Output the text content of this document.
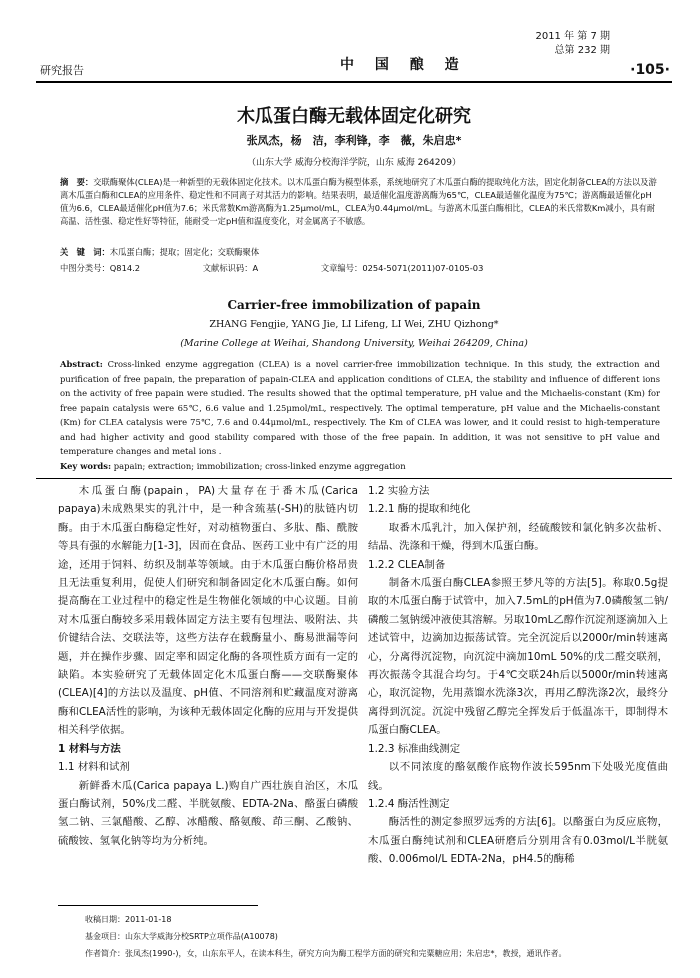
研究报告	中 国 酿 造
2011 年 第 7 期
总第 232 期
·105·
木瓜蛋白酶无载体固定化研究
张凤杰，杨　洁，李利锋，李　薇，朱启忠*
（山东大学 威海分校海洋学院，山东 威海 264209）
摘　要：交联酶聚体(CLEA)是一种新型的无载体固定化技术。以木瓜蛋白酶为模型体系，系统地研究了木瓜蛋白酶的提取纯化方法，固定化制备CLEA的方法以及游离木瓜蛋白酶和CLEA的应用条件、稳定性和不同离子对其活力的影响。结果表明，最适催化温度游离酶为65℃，CLEA最适催化温度为75℃；游离酶最适催化pH值为6.6，CLEA最适催化pH值为7.6；米氏常数Km游离酶为1.25μmol/mL，CLEA为0.44μmol/mL。与游离木瓜蛋白酶相比，CLEA的米氏常数Km减小，具有耐高温、活性强、稳定性好等特征，能耐受一定pH值和温度变化，对金属离子不敏感。
关　键　词：木瓜蛋白酶；提取；固定化；交联酶聚体
中图分类号：Q814.2	文献标识码：A	文章编号：0254-5071(2011)07-0105-03
Carrier-free immobilization of papain
ZHANG Fengjie, YANG Jie, LI Lifeng, LI Wei, ZHU Qizhong*
(Marine College at Weihai, Shandong University, Weihai 264209, China)
Abstract: Cross-linked enzyme aggregation (CLEA) is a novel carrier-free immobilization technique. In this study, the extraction and purification of free papain, the preparation of papain-CLEA and application conditions of CLEA, the stability and influence of different ions on the activity of free papain were studied. The results showed that the optimal temperature, pH value and the Michaelis-constant (Km) for free papain catalysis were 65℃, 6.6 value and 1.25μmol/mL, respectively. The optimal temperature, pH value and the Michaelis-constant (Km) for CLEA catalysis were 75℃, 7.6 and 0.44μmol/mL, respectively. The Km of CLEA was lower, and it could resist to high-temperature and had higher activity and good stability compared with those of the free papain. In addition, it was not sensitive to pH value and temperature changes and metal ions .
Key words: papain; extraction; immobilization; cross-linked enzyme aggregation

木瓜蛋白酶(papain，PA)大量存在于番木瓜(Carica papaya)未成熟果实的乳汁中，是一种含巯基(-SH)的肽链内切酶。由于木瓜蛋白酶稳定性好，对动植物蛋白、多肽、酯、酰胺等具有强的水解能力[1-3]，因而在食品、医药工业中有广泛的用途，还用于饲料、纺织及制革等领域。由于木瓜蛋白酶价格昂贵且无法重复利用，促使人们研究和制备固定化木瓜蛋白酶。如何提高酶在工业过程中的稳定性是生物催化领域的中心议题。目前对木瓜蛋白酶较多采用载体固定方法主要有包埋法、吸附法、共价键结合法、交联法等，这些方法存在载酶量小、酶易泄漏等问题，并在操作步骤、固定率和固定化酶的各项性质方面有一定的缺陷。本实验研究了无载体固定化木瓜蛋白酶——交联酶聚体(CLEA)[4]的方法以及温度、pH值、不同溶剂和贮藏温度对游离酶和CLEA活性的影响，为该种无载体固定化酶的应用与开发提供相关科学依据。

1 材料与方法

1.1 材料和试剂

新鲜番木瓜(Carica papaya L.)购自广西壮族自治区，木瓜蛋白酶试剂，50%戊二醛、半胱氨酸、EDTA-2Na、酪蛋白磷酸氢二钠、三氯醋酸、乙醇、冰醋酸、酪氨酸、茚三酮、乙酸钠、硫酸铵、氢氧化钠等均为分析纯。

1.2 实验方法

1.2.1 酶的提取和纯化

取番木瓜乳汁，加入保护剂，经硫酸铵和氯化钠多次盐析、结晶、洗涤和干燥，得到木瓜蛋白酶。

1.2.2 CLEA制备

制备木瓜蛋白酶CLEA参照王梦凡等的方法[5]。称取0.5g提取的木瓜蛋白酶于试管中，加入7.5mL的pH值为7.0磷酸氢二钠/磷酸二氢钠缓冲液使其溶解。另取10mL乙醇作沉淀剂逐滴加入上述试管中，边滴加边振荡试管。完全沉淀后以2000r/min转速离心，分离得沉淀物，向沉淀中滴加10mL 50%的戊二醛交联剂，再次振荡令其混合均匀。于4℃交联24h后以5000r/min转速离心，取沉淀物，先用蒸馏水洗涤3次，再用乙醇洗涤2次，最终分离得到沉淀。沉淀中残留乙醇完全挥发后于低温冻干，即制得木瓜蛋白酶CLEA。

1.2.3 标准曲线测定

以不同浓度的酪氨酸作底物作波长595nm下处吸光度值曲线。

1.2.4 酶活性测定

酶活性的测定参照罗远秀的方法[6]。以酪蛋白为反应底物，木瓜蛋白酶纯试剂和CLEA研磨后分别用含有0.03mol/L半胱氨酸、0.006mol/L EDTA-2Na，pH4.5的酶稀

收稿日期：2011-01-18
基金项目：山东大学威海分校SRTP立项作品(A10078)
作者简介：张凤杰(1990-)，女，山东东平人，在读本科生，研究方向为酶工程学方面的研究和完粟糖应用；朱启忠*，教授，通讯作者。
